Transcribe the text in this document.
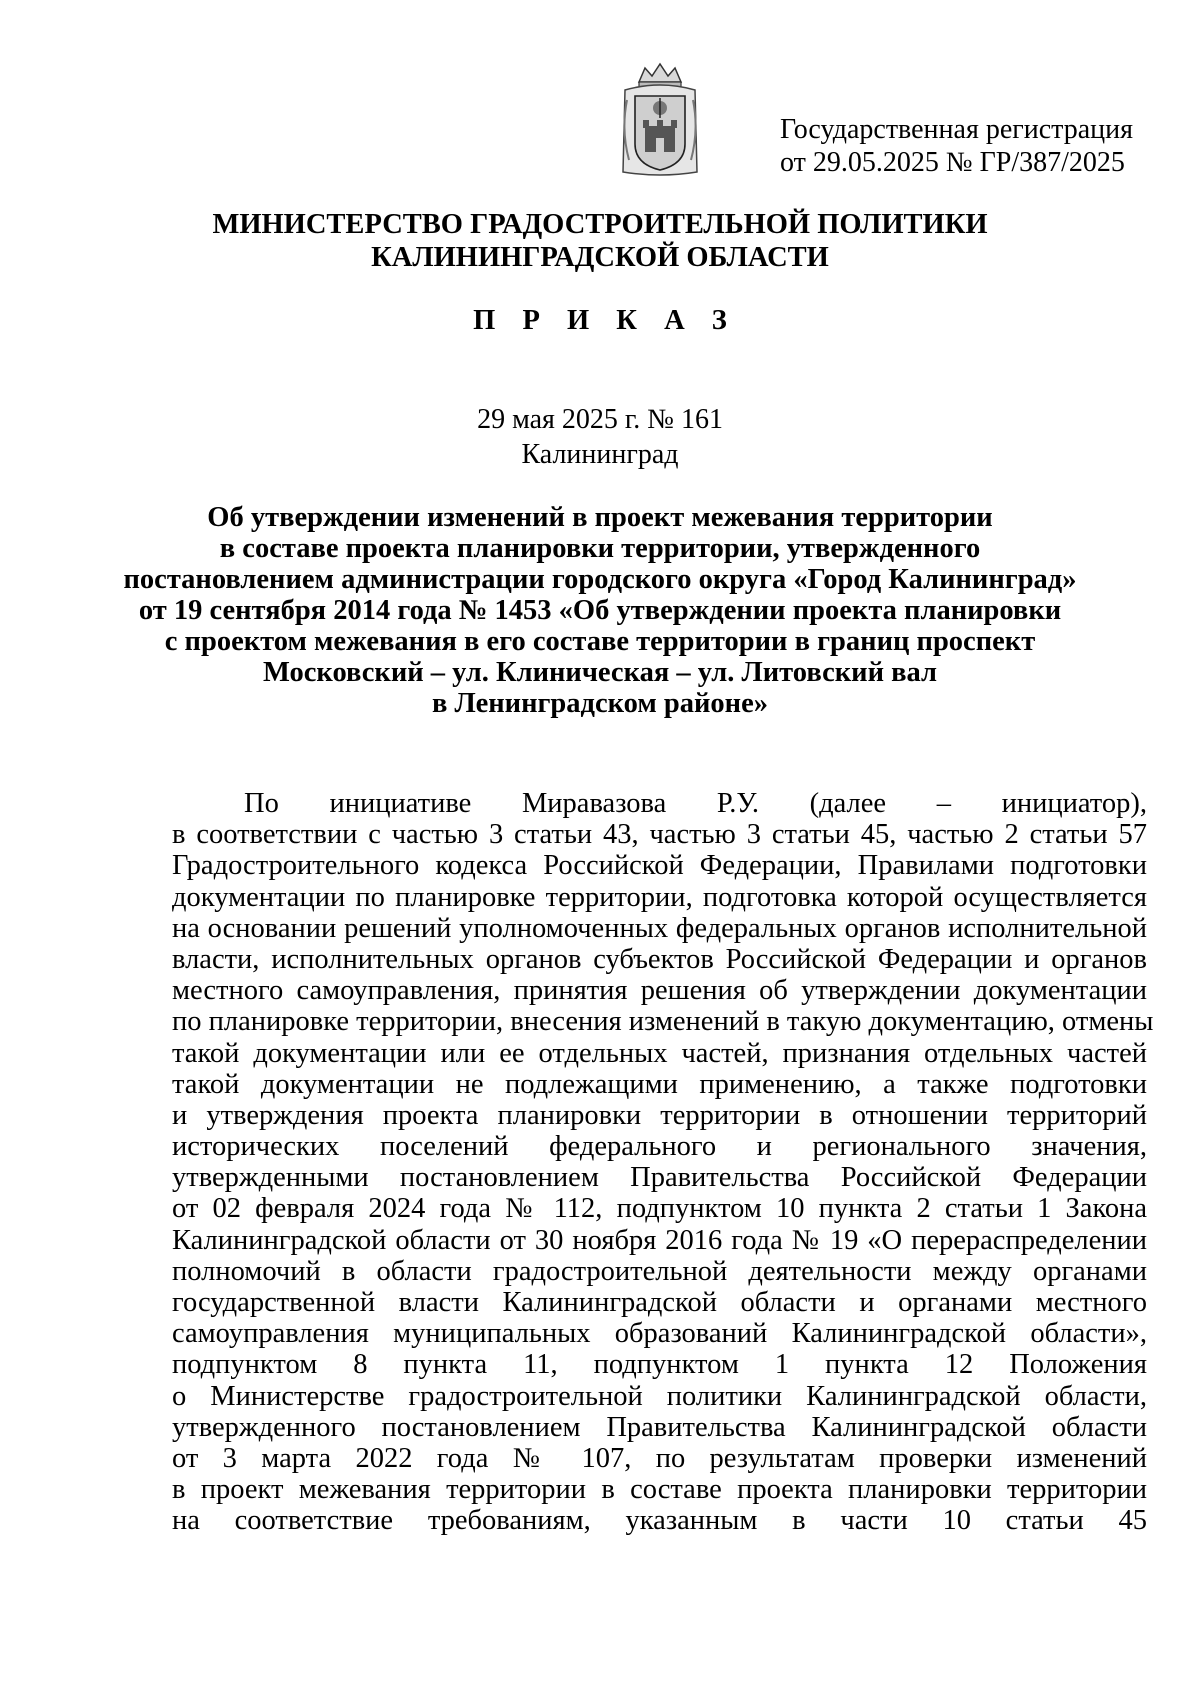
Государственная регистрация
от 29.05.2025 № ГР/387/2025
МИНИСТЕРСТВО ГРАДОСТРОИТЕЛЬНОЙ ПОЛИТИКИ
КАЛИНИНГРАДСКОЙ ОБЛАСТИ
П Р И К А З
29 мая 2025 г. № 161
Калининград
Об утверждении изменений в проект межевания территории
в составе проекта планировки территории, утвержденного
постановлением администрации городского округа «Город Калининград»
от 19 сентября 2014 года № 1453 «Об утверждении проекта планировки
с проектом межевания в его составе территории в границ проспект
Московский – ул. Клиническая – ул. Литовский вал
в Ленинградском районе»
По инициативе Миравазова Р.У. (далее – инициатор),
в соответствии с частью 3 статьи 43, частью 3 статьи 45, частью 2 статьи 57
Градостроительного кодекса Российской Федерации, Правилами подготовки
документации по планировке территории, подготовка которой осуществляется
на основании решений уполномоченных федеральных органов исполнительной
власти, исполнительных органов субъектов Российской Федерации и органов
местного самоуправления, принятия решения об утверждении документации
по планировке территории, внесения изменений в такую документацию, отмены
такой документации или ее отдельных частей, признания отдельных частей
такой документации не подлежащими применению, а также подготовки
и утверждения проекта планировки территории в отношении территорий
исторических поселений федерального и регионального значения,
утвержденными постановлением Правительства Российской Федерации
от 02 февраля 2024 года № 112, подпунктом 10 пункта 2 статьи 1 Закона
Калининградской области от 30 ноября 2016 года № 19 «О перераспределении
полномочий в области градостроительной деятельности между органами
государственной власти Калининградской области и органами местного
самоуправления муниципальных образований Калининградской области»,
подпунктом 8 пункта 11, подпунктом 1 пункта 12 Положения
о Министерстве градостроительной политики Калининградской области,
утвержденного постановлением Правительства Калининградской области
от 3 марта 2022 года № 107, по результатам проверки изменений
в проект межевания территории в составе проекта планировки территории
на соответствие требованиям, указанным в части 10 статьи 45
